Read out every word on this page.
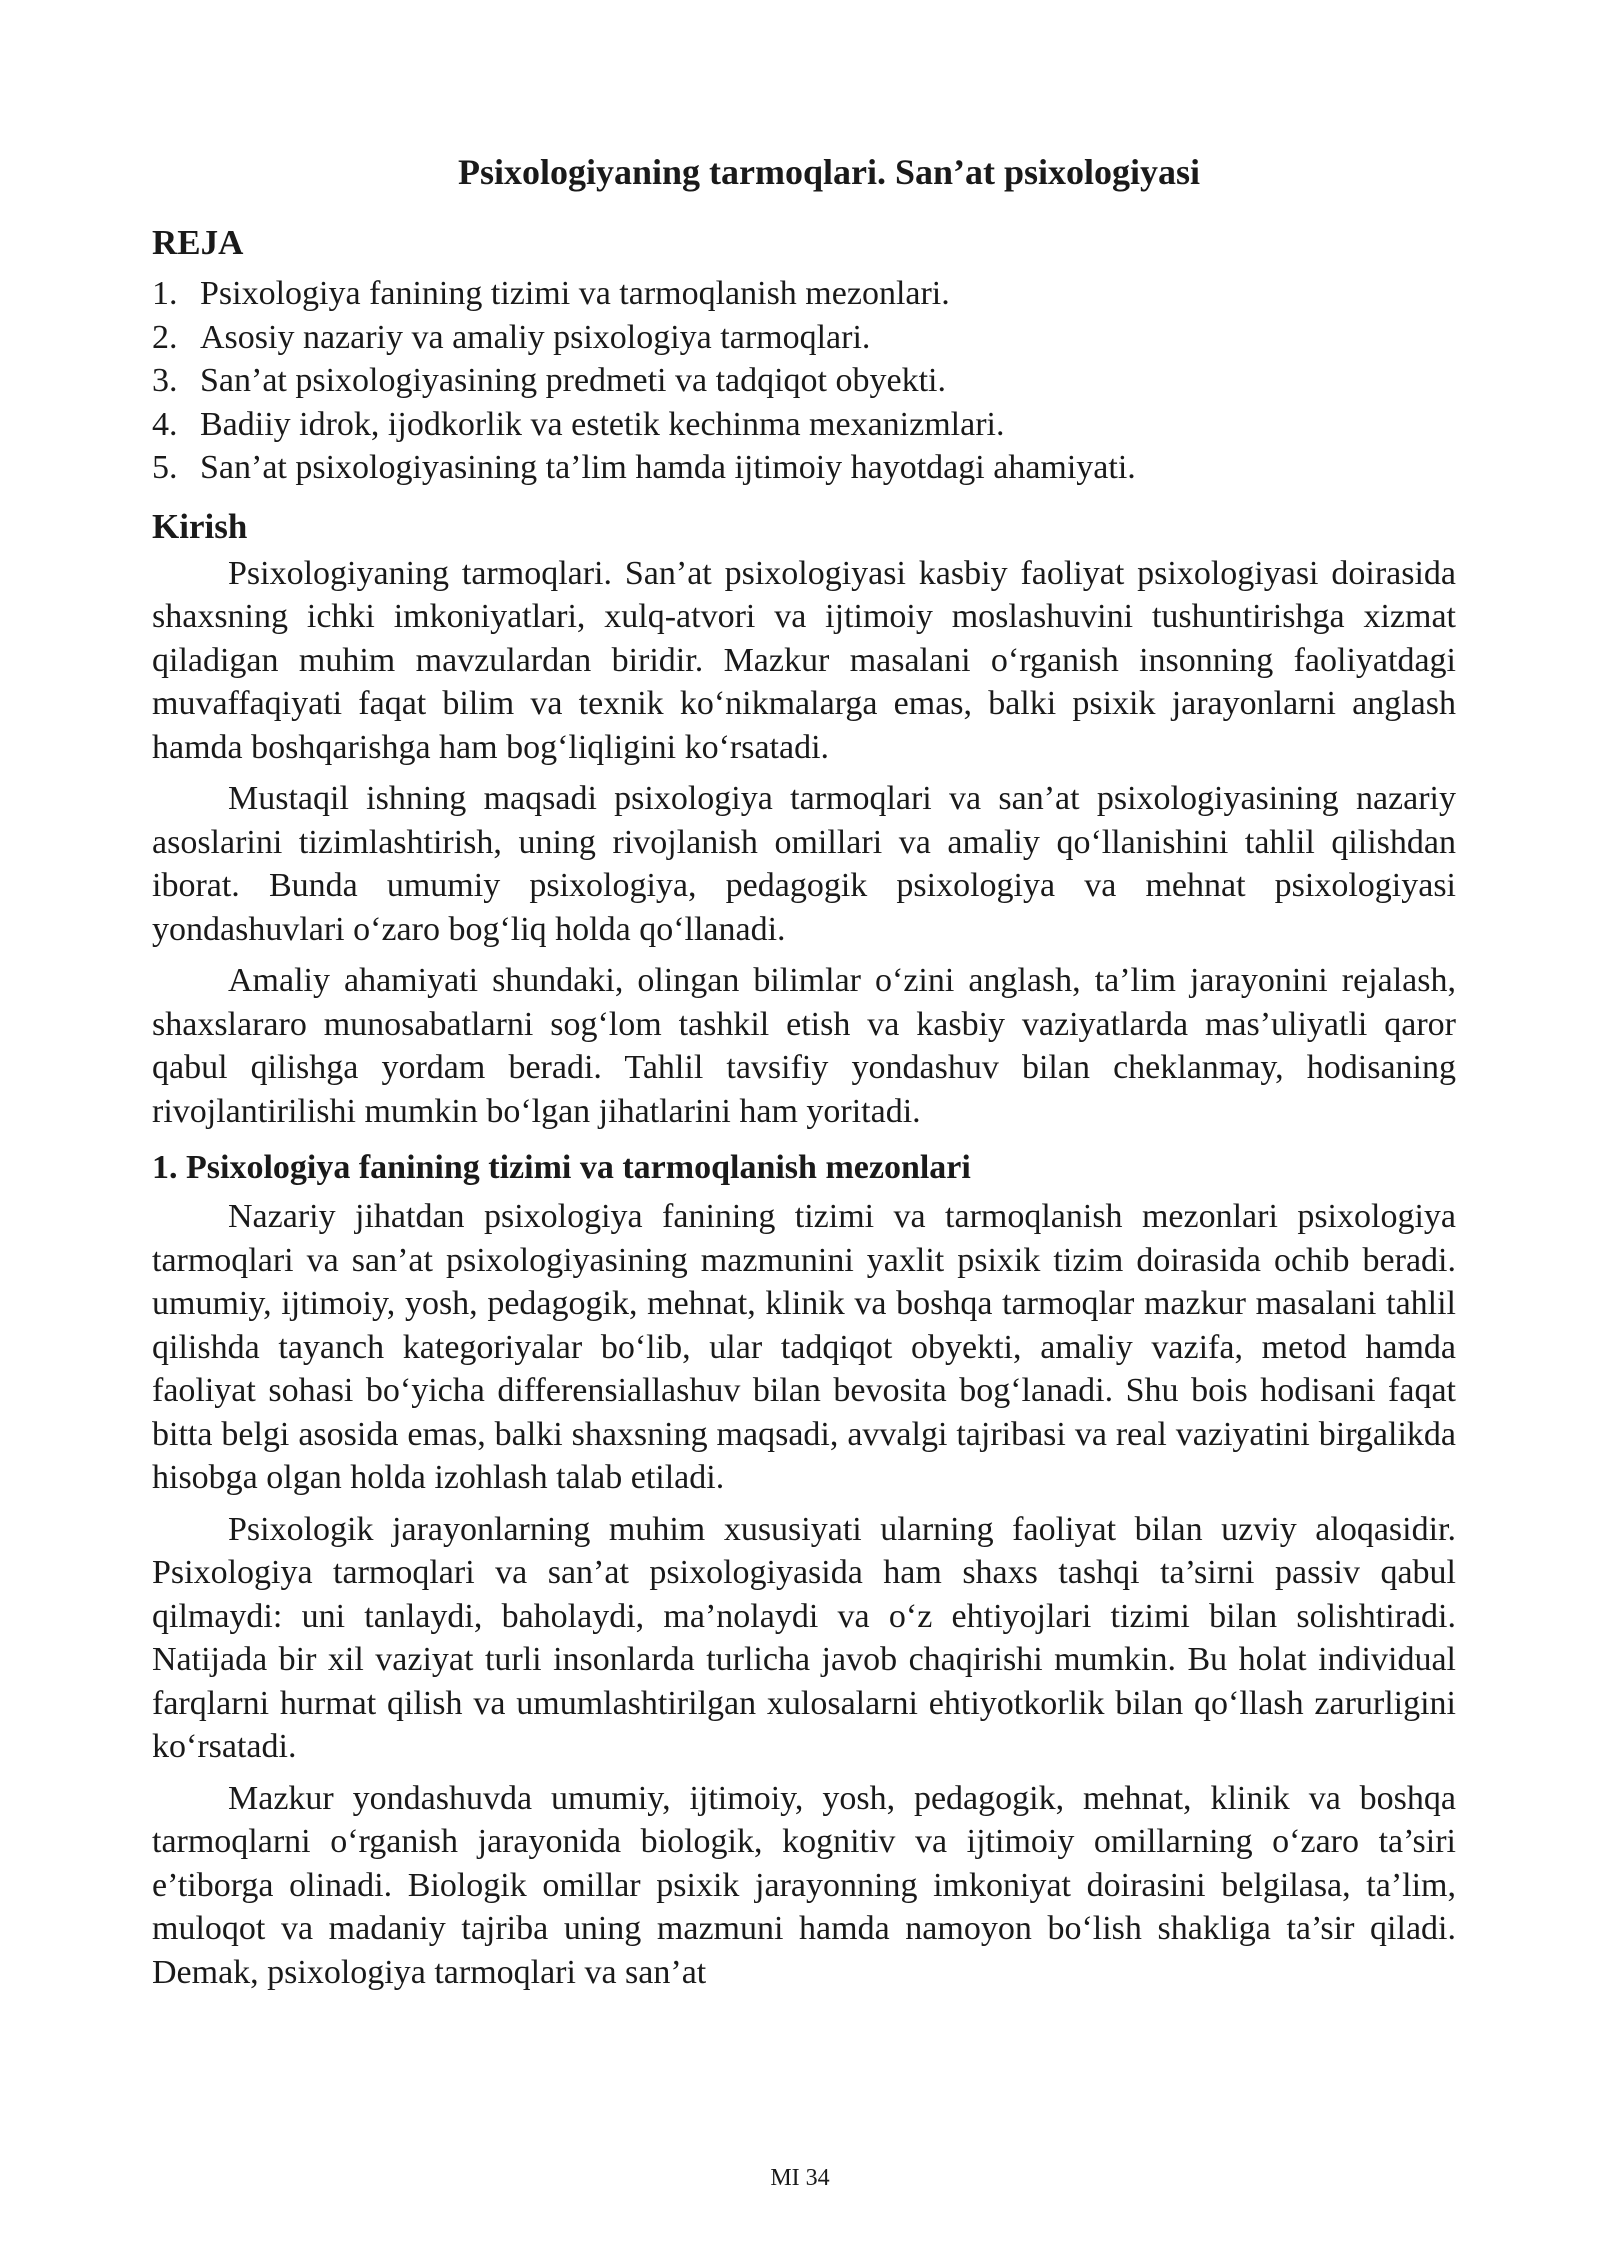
Psixologiyaning tarmoqlari. San’at psixologiyasi
REJA
1. Psixologiya fanining tizimi va tarmoqlanish mezonlari.
2. Asosiy nazariy va amaliy psixologiya tarmoqlari.
3. San’at psixologiyasining predmeti va tadqiqot obyekti.
4. Badiiy idrok, ijodkorlik va estetik kechinma mexanizmlari.
5. San’at psixologiyasining ta’lim hamda ijtimoiy hayotdagi ahamiyati.
Kirish

Psixologiyaning tarmoqlari. San’at psixologiyasi kasbiy faoliyat psixologiyasi doirasida shaxsning ichki imkoniyatlari, xulq-atvori va ijtimoiy moslashuvini tushuntirishga xizmat qiladigan muhim mavzulardan biridir. Mazkur masalani o‘rganish insonning faoliyatdagi muvaffaqiyati faqat bilim va texnik ko‘nikmalarga emas, balki psixik jarayonlarni anglash hamda boshqarishga ham bog‘liqligini ko‘rsatadi.

Mustaqil ishning maqsadi psixologiya tarmoqlari va san’at psixologiyasining nazariy asoslarini tizimlashtirish, uning rivojlanish omillari va amaliy qo‘llanishini tahlil qilishdan iborat. Bunda umumiy psixologiya, pedagogik psixologiya va mehnat psixologiyasi yondashuvlari o‘zaro bog‘liq holda qo‘llanadi.

Amaliy ahamiyati shundaki, olingan bilimlar o‘zini anglash, ta’lim jarayonini rejalash, shaxslararo munosabatlarni sog‘lom tashkil etish va kasbiy vaziyatlarda mas’uliyatli qaror qabul qilishga yordam beradi. Tahlil tavsifiy yondashuv bilan cheklanmay, hodisaning rivojlantirilishi mumkin bo‘lgan jihatlarini ham yoritadi.

1. Psixologiya fanining tizimi va tarmoqlanish mezonlari

Nazariy jihatdan psixologiya fanining tizimi va tarmoqlanish mezonlari psixologiya tarmoqlari va san’at psixologiyasining mazmunini yaxlit psixik tizim doirasida ochib beradi. umumiy, ijtimoiy, yosh, pedagogik, mehnat, klinik va boshqa tarmoqlar mazkur masalani tahlil qilishda tayanch kategoriyalar bo‘lib, ular tadqiqot obyekti, amaliy vazifa, metod hamda faoliyat sohasi bo‘yicha differensiallashuv bilan bevosita bog‘lanadi. Shu bois hodisani faqat bitta belgi asosida emas, balki shaxsning maqsadi, avvalgi tajribasi va real vaziyatini birgalikda hisobga olgan holda izohlash talab etiladi.

Psixologik jarayonlarning muhim xususiyati ularning faoliyat bilan uzviy aloqasidir. Psixologiya tarmoqlari va san’at psixologiyasida ham shaxs tashqi ta’sirni passiv qabul qilmaydi: uni tanlaydi, baholaydi, ma’nolaydi va o‘z ehtiyojlari tizimi bilan solishtiradi. Natijada bir xil vaziyat turli insonlarda turlicha javob chaqirishi mumkin. Bu holat individual farqlarni hurmat qilish va umumlashtirilgan xulosalarni ehtiyotkorlik bilan qo‘llash zarurligini ko‘rsatadi.

Mazkur yondashuvda umumiy, ijtimoiy, yosh, pedagogik, mehnat, klinik va boshqa tarmoqlarni o‘rganish jarayonida biologik, kognitiv va ijtimoiy omillarning o‘zaro ta’siri e’tiborga olinadi. Biologik omillar psixik jarayonning imkoniyat doirasini belgilasa, ta’lim, muloqot va madaniy tajriba uning mazmuni hamda namoyon bo‘lish shakliga ta’sir qiladi. Demak, psixologiya tarmoqlari va san’at

MI 34
